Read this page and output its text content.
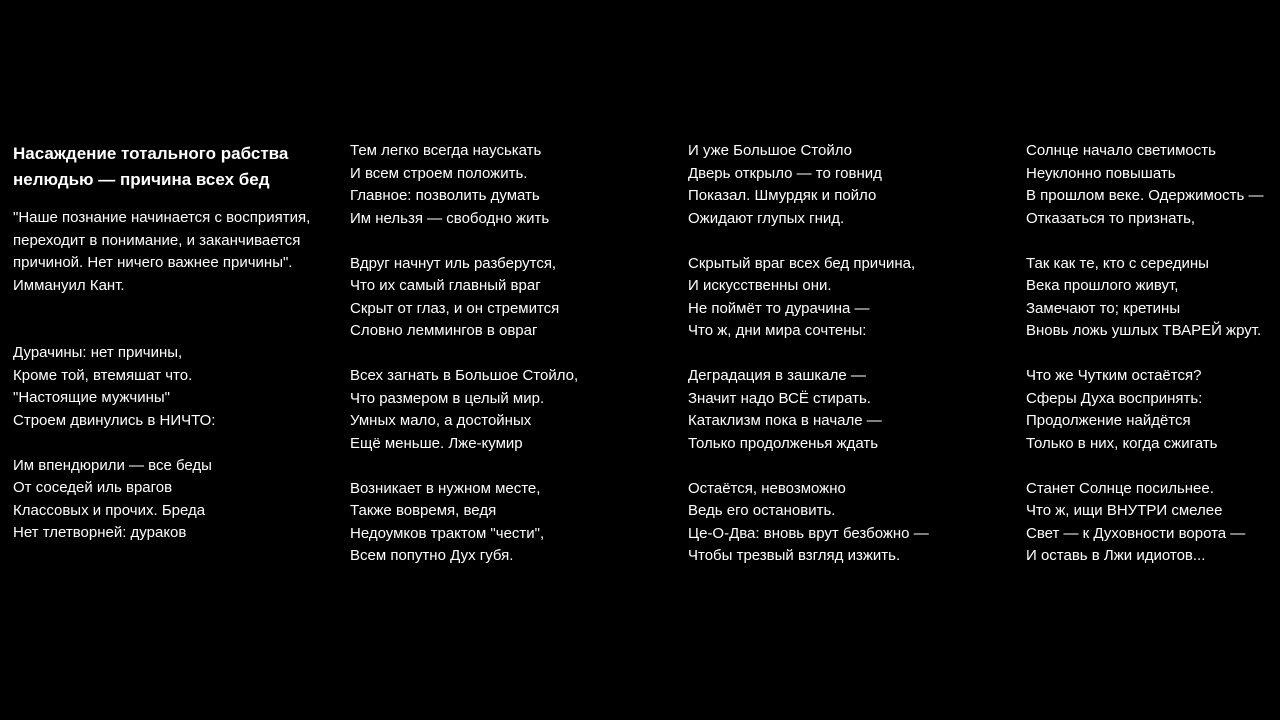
Насаждение тотального рабства
нелюдью — причина всех бед
"Наше познание начинается с восприятия,
переходит в понимание, и заканчивается
причиной. Нет ничего важнее причины".
Иммануил Кант.
Дурачины: нет причины,
Кроме той, втемяшат что.
"Настоящие мужчины"
Строем двинулись в НИЧТО:
Им впендюрили — все беды
От соседей иль врагов
Классовых и прочих. Бреда
Нет тлетворней: дураков
Тем легко всегда науськать
И всем строем положить.
Главное: позволить думать
Им нельзя — свободно жить
Вдруг начнут иль разберутся,
Что их самый главный враг
Скрыт от глаз, и он стремится
Словно леммингов в овраг
Всех загнать в Большое Стойло,
Что размером в целый мир.
Умных мало, а достойных
Ещё меньше. Лже-кумир
Возникает в нужном месте,
Также вовремя, ведя
Недоумков трактом "чести",
Всем попутно Дух губя.
И уже Большое Стойло
Дверь открыло — то говнид
Показал. Шмурдяк и пойло
Ожидают глупых гнид.
Скрытый враг всех бед причина,
И искусственны они.
Не поймёт то дурачина —
Что ж, дни мира сочтены:
Деградация в зашкале —
Значит надо ВСЁ стирать.
Катаклизм пока в начале —
Только продолженья ждать
Остаётся, невозможно
Ведь его остановить.
Це-О-Два: вновь врут безбожно —
Чтобы трезвый взгляд изжить.
Солнце начало светимость
Неуклонно повышать
В прошлом веке. Одержимость —
Отказаться то признать,
Так как те, кто с середины
Века прошлого живут,
Замечают то; кретины
Вновь ложь ушлых ТВАРЕЙ жрут.
Что же Чутким остаётся?
Сферы Духа воспринять:
Продолжение найдётся
Только в них, когда сжигать
Станет Солнце посильнее.
Что ж, ищи ВНУТРИ смелее
Свет — к Духовности ворота —
И оставь в Лжи идиотов...
